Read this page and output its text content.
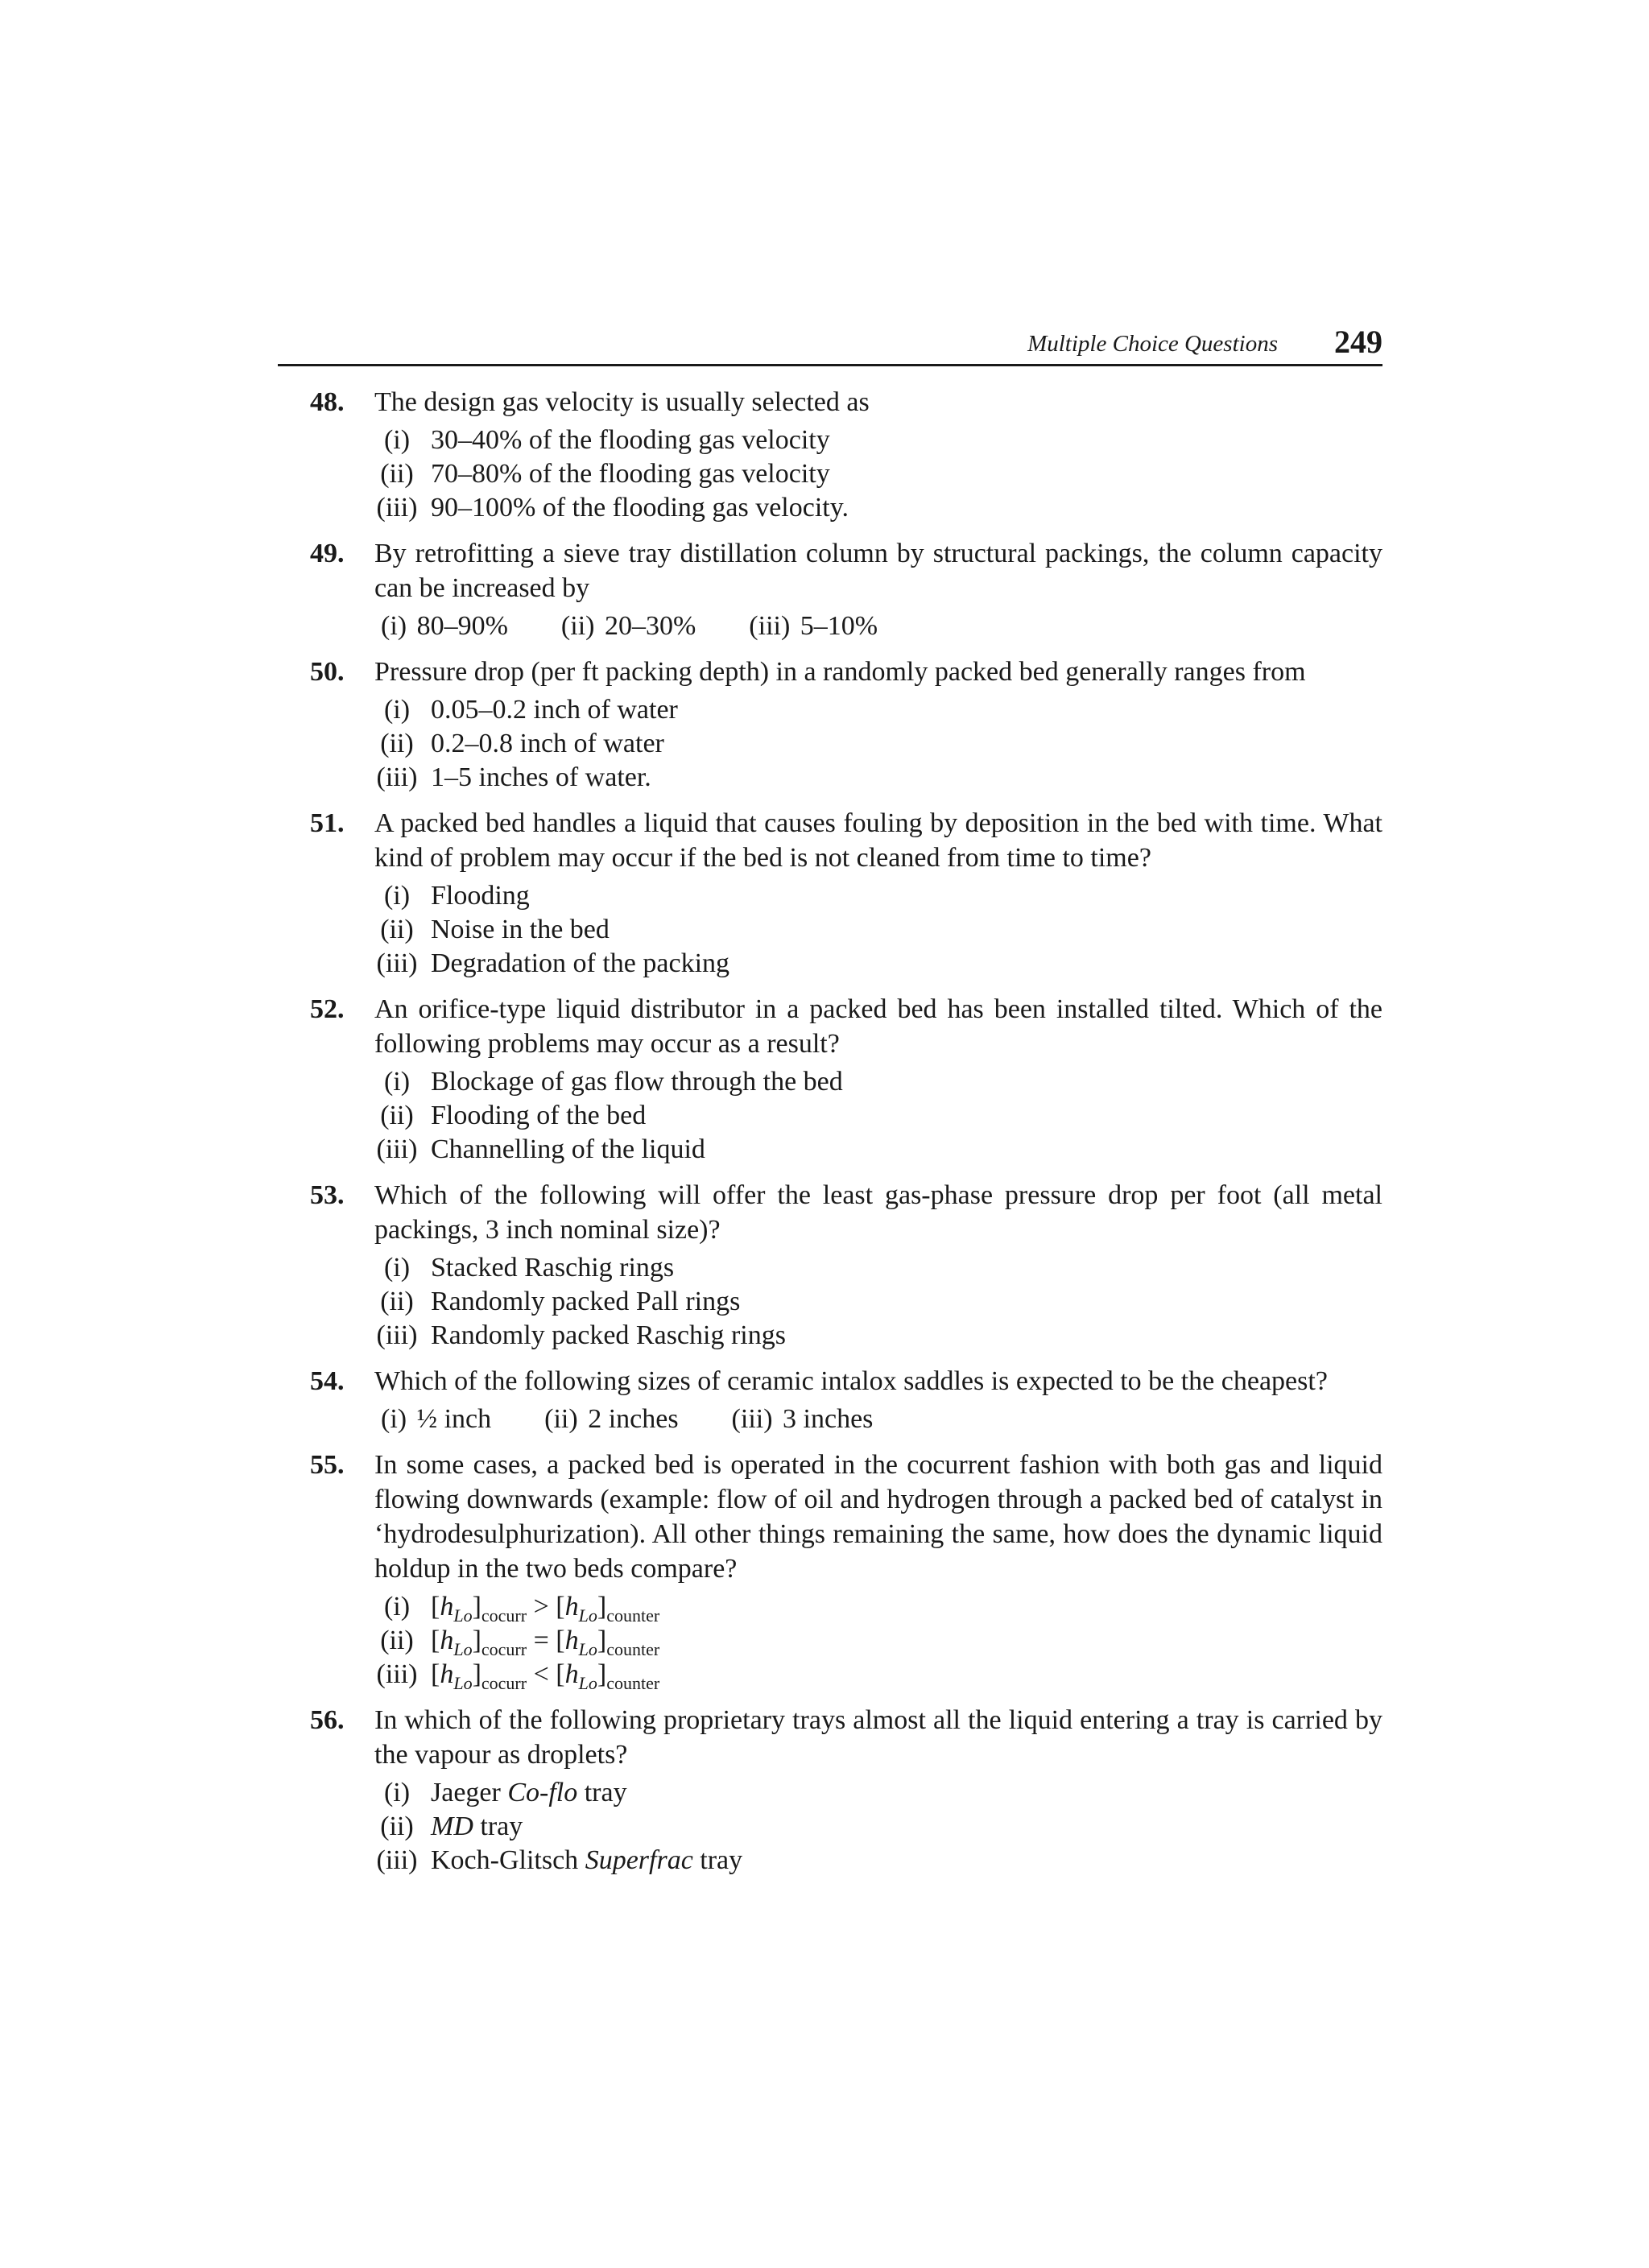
Multiple Choice Questions 249
48. The design gas velocity is usually selected as
(i) 30–40% of the flooding gas velocity
(ii) 70–80% of the flooding gas velocity
(iii) 90–100% of the flooding gas velocity.
49. By retrofitting a sieve tray distillation column by structural packings, the column capacity can be increased by
(i) 80–90% (ii) 20–30% (iii) 5–10%
50. Pressure drop (per ft packing depth) in a randomly packed bed generally ranges from
(i) 0.05–0.2 inch of water
(ii) 0.2–0.8 inch of water
(iii) 1–5 inches of water.
51. A packed bed handles a liquid that causes fouling by deposition in the bed with time. What kind of problem may occur if the bed is not cleaned from time to time?
(i) Flooding
(ii) Noise in the bed
(iii) Degradation of the packing
52. An orifice-type liquid distributor in a packed bed has been installed tilted. Which of the following problems may occur as a result?
(i) Blockage of gas flow through the bed
(ii) Flooding of the bed
(iii) Channelling of the liquid
53. Which of the following will offer the least gas-phase pressure drop per foot (all metal packings, 3 inch nominal size)?
(i) Stacked Raschig rings
(ii) Randomly packed Pall rings
(iii) Randomly packed Raschig rings
54. Which of the following sizes of ceramic intalox saddles is expected to be the cheapest?
(i) ½ inch (ii) 2 inches (iii) 3 inches
55. In some cases, a packed bed is operated in the cocurrent fashion with both gas and liquid flowing downwards (example: flow of oil and hydrogen through a packed bed of catalyst in ‘hydrodesulphurization). All other things remaining the same, how does the dynamic liquid holdup in the two beds compare?
(i) $[h_{Lo}]_{cocurr} > [h_{Lo}]_{counter}$
(ii) $[h_{Lo}]_{cocurr} = [h_{Lo}]_{counter}$
(iii) $[h_{Lo}]_{cocurr} < [h_{Lo}]_{counter}$
56. In which of the following proprietary trays almost all the liquid entering a tray is carried by the vapour as droplets?
(i) Jaeger Co-flo tray
(ii) MD tray
(iii) Koch-Glitsch Superfrac tray
